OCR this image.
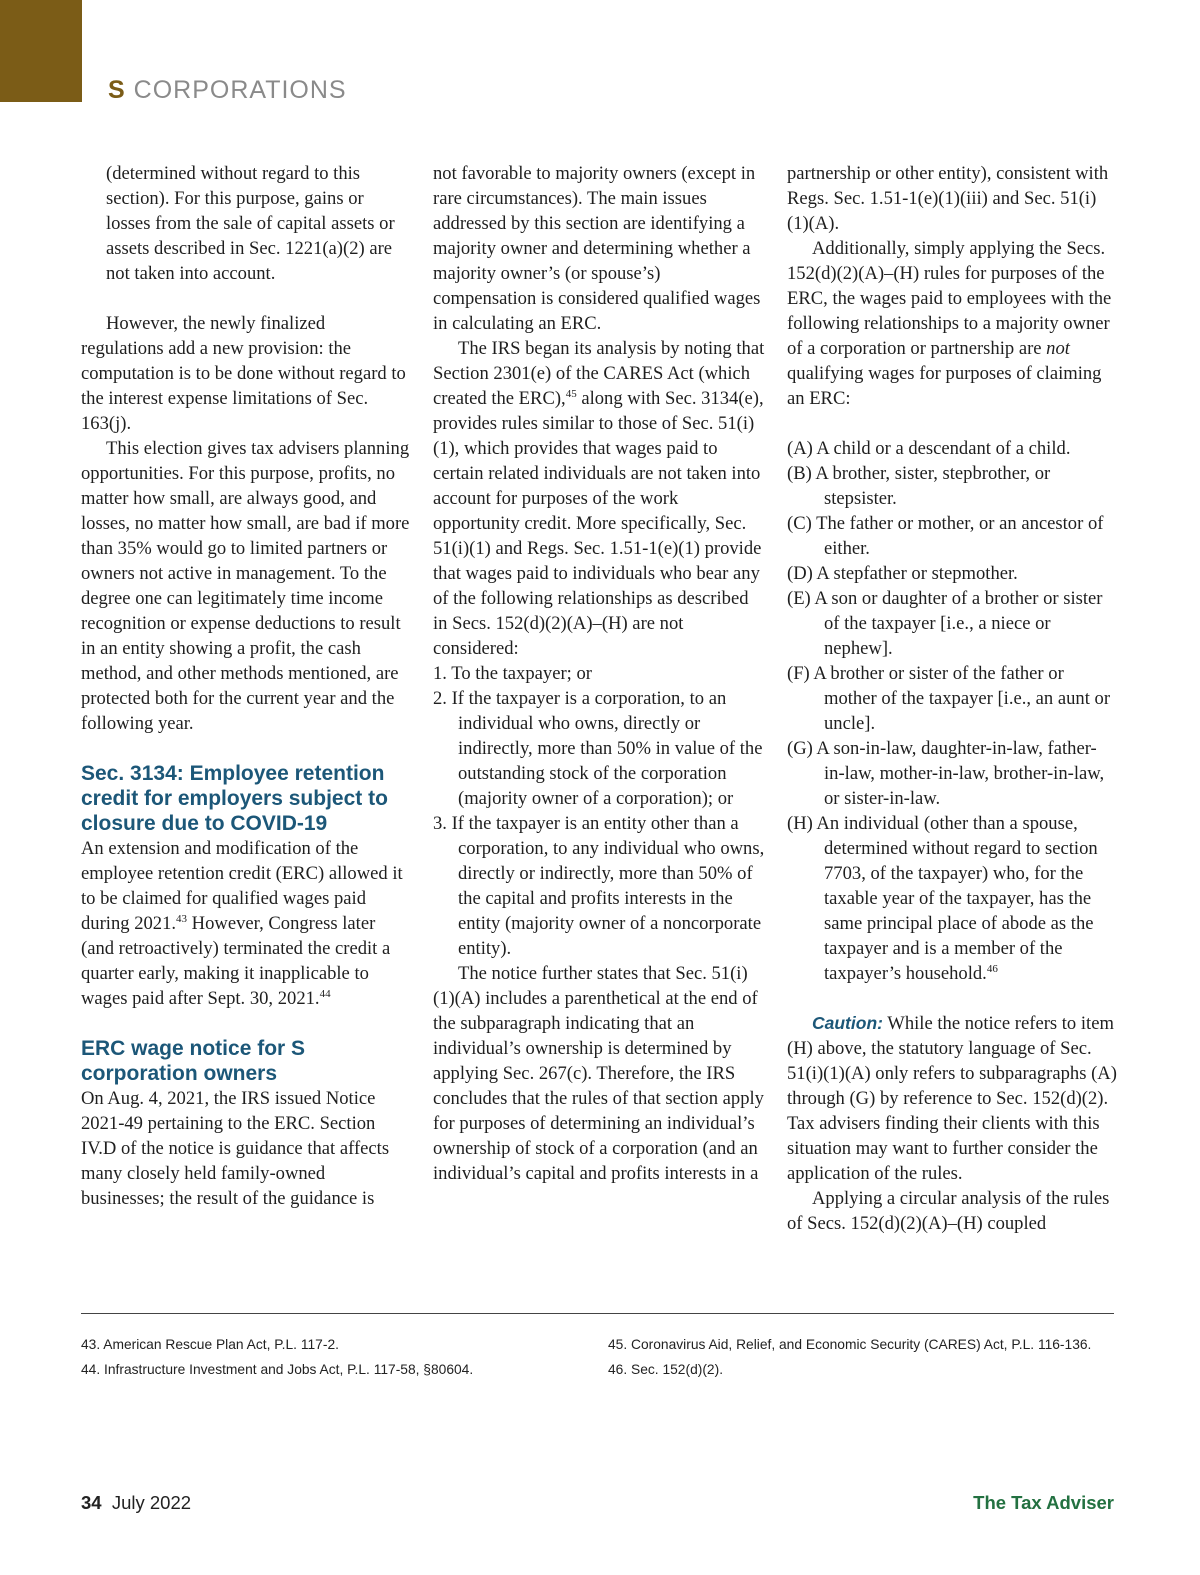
S CORPORATIONS

(determined without regard to this section). For this purpose, gains or losses from the sale of capital assets or assets described in Sec. 1221(a)(2) are not taken into account.

However, the newly finalized regulations add a new provision: the computation is to be done without regard to the interest expense limitations of Sec. 163(j).

This election gives tax advisers planning opportunities. For this purpose, profits, no matter how small, are always good, and losses, no matter how small, are bad if more than 35% would go to limited partners or owners not active in management. To the degree one can legitimately time income recognition or expense deductions to result in an entity showing a profit, the cash method, and other methods mentioned, are protected both for the current year and the following year.

Sec. 3134: Employee retention credit for employers subject to closure due to COVID-19

An extension and modification of the employee retention credit (ERC) allowed it to be claimed for qualified wages paid during 2021.43 However, Congress later (and retroactively) terminated the credit a quarter early, making it inapplicable to wages paid after Sept. 30, 2021.44

ERC wage notice for S corporation owners

On Aug. 4, 2021, the IRS issued Notice 2021-49 pertaining to the ERC. Section IV.D of the notice is guidance that affects many closely held family-owned businesses; the result of the guidance is

not favorable to majority owners (except in rare circumstances). The main issues addressed by this section are identifying a majority owner and determining whether a majority owner’s (or spouse’s) compensation is considered qualified wages in calculating an ERC.

The IRS began its analysis by noting that Section 2301(e) of the CARES Act (which created the ERC),$^{45}$ along with Sec. 3134(e), provides rules similar to those of Sec. 51(i)(1), which provides that wages paid to certain related individuals are not taken into account for purposes of the work opportunity credit. More specifically, Sec. 51(i)(1) and Regs. Sec. 1.51-1(e)(1) provide that wages paid to individuals who bear any of the following relationships as described in Secs. 152(d)(2)(A)–(H) are not considered:

1. To the taxpayer; or

2. If the taxpayer is a corporation, to an individual who owns, directly or indirectly, more than 50% in value of the outstanding stock of the corporation (majority owner of a corporation); or

3. If the taxpayer is an entity other than a corporation, to any individual who owns, directly or indirectly, more than 50% of the capital and profits interests in the entity (majority owner of a noncorporate entity).

The notice further states that Sec. 51(i)(1)(A) includes a parenthetical at the end of the subparagraph indicating that an individual’s ownership is determined by applying Sec. 267(c). Therefore, the IRS concludes that the rules of that section apply for purposes of determining an individual’s ownership of stock of a corporation (and an individual’s capital and profits interests in a

partnership or other entity), consistent with Regs. Sec. 1.51-1(e)(1)(iii) and Sec. 51(i)(1)(A).

Additionally, simply applying the Secs. 152(d)(2)(A)–(H) rules for purposes of the ERC, the wages paid to employees with the following relationships to a majority owner of a corporation or partnership are not qualifying wages for purposes of claiming an ERC:

(A) A child or a descendant of a child.

(B) A brother, sister, stepbrother, or stepsister.

(C) The father or mother, or an ancestor of either.

(D) A stepfather or stepmother.

(E) A son or daughter of a brother or sister of the taxpayer [i.e., a niece or nephew].

(F) A brother or sister of the father or mother of the taxpayer [i.e., an aunt or uncle].

(G) A son-in-law, daughter-in-law, father-in-law, mother-in-law, brother-in-law, or sister-in-law.

(H) An individual (other than a spouse, determined without regard to section 7703, of the taxpayer) who, for the taxable year of the taxpayer, has the same principal place of abode as the taxpayer and is a member of the taxpayer’s household.$^{46}$

Caution: While the notice refers to item (H) above, the statutory language of Sec. 51(i)(1)(A) only refers to subparagraphs (A) through (G) by reference to Sec. 152(d)(2). Tax advisers finding their clients with this situation may want to further consider the application of the rules.

Applying a circular analysis of the rules of Secs. 152(d)(2)(A)–(H) coupled

43. American Rescue Plan Act, P.L. 117-2.
44. Infrastructure Investment and Jobs Act, P.L. 117-58, §80604.
45. Coronavirus Aid, Relief, and Economic Security (CARES) Act, P.L. 116-136.
46. Sec. 152(d)(2).
34 July 2022	The Tax Adviser
